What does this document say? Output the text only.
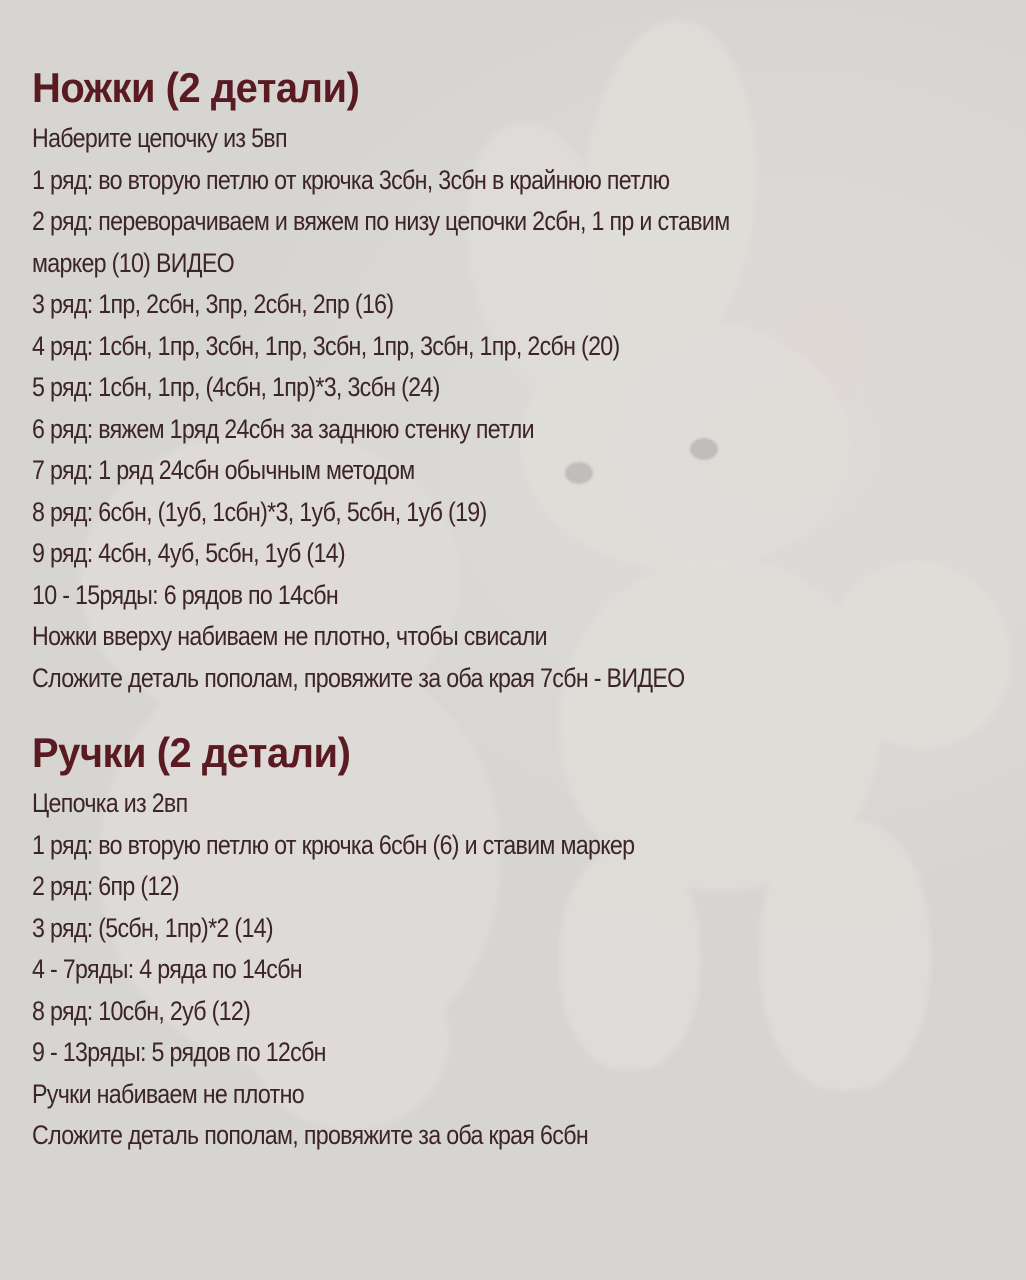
Ножки (2 детали)
Наберите цепочку из 5вп
1 ряд: во вторую петлю от крючка 3сбн, 3сбн в крайнюю петлю
2 ряд: переворачиваем и вяжем по низу цепочки 2сбн, 1 пр и ставим
маркер (10) ВИДЕО
3 ряд: 1пр, 2сбн, 3пр, 2сбн, 2пр (16)
4 ряд: 1сбн, 1пр, 3сбн, 1пр, 3сбн, 1пр, 3сбн, 1пр, 2сбн (20)
5 ряд: 1сбн, 1пр, (4сбн, 1пр)*3, 3сбн (24)
6 ряд: вяжем 1ряд 24сбн за заднюю стенку петли
7 ряд: 1 ряд 24сбн обычным методом
8 ряд: 6сбн, (1уб, 1сбн)*3, 1уб, 5сбн, 1уб (19)
9 ряд: 4сбн, 4уб, 5сбн, 1уб (14)
10 - 15ряды: 6 рядов по 14сбн
Ножки вверху набиваем не плотно, чтобы свисали
Сложите деталь пополам, провяжите за оба края 7сбн - ВИДЕО
Ручки (2 детали)
Цепочка из 2вп
1 ряд: во вторую петлю от крючка 6сбн (6) и ставим маркер
2 ряд: 6пр (12)
3 ряд: (5сбн, 1пр)*2 (14)
4 - 7ряды: 4 ряда по 14сбн
8 ряд: 10сбн, 2уб (12)
9 - 13ряды: 5 рядов по 12сбн
Ручки набиваем не плотно
Сложите деталь пополам, провяжите за оба края 6сбн
